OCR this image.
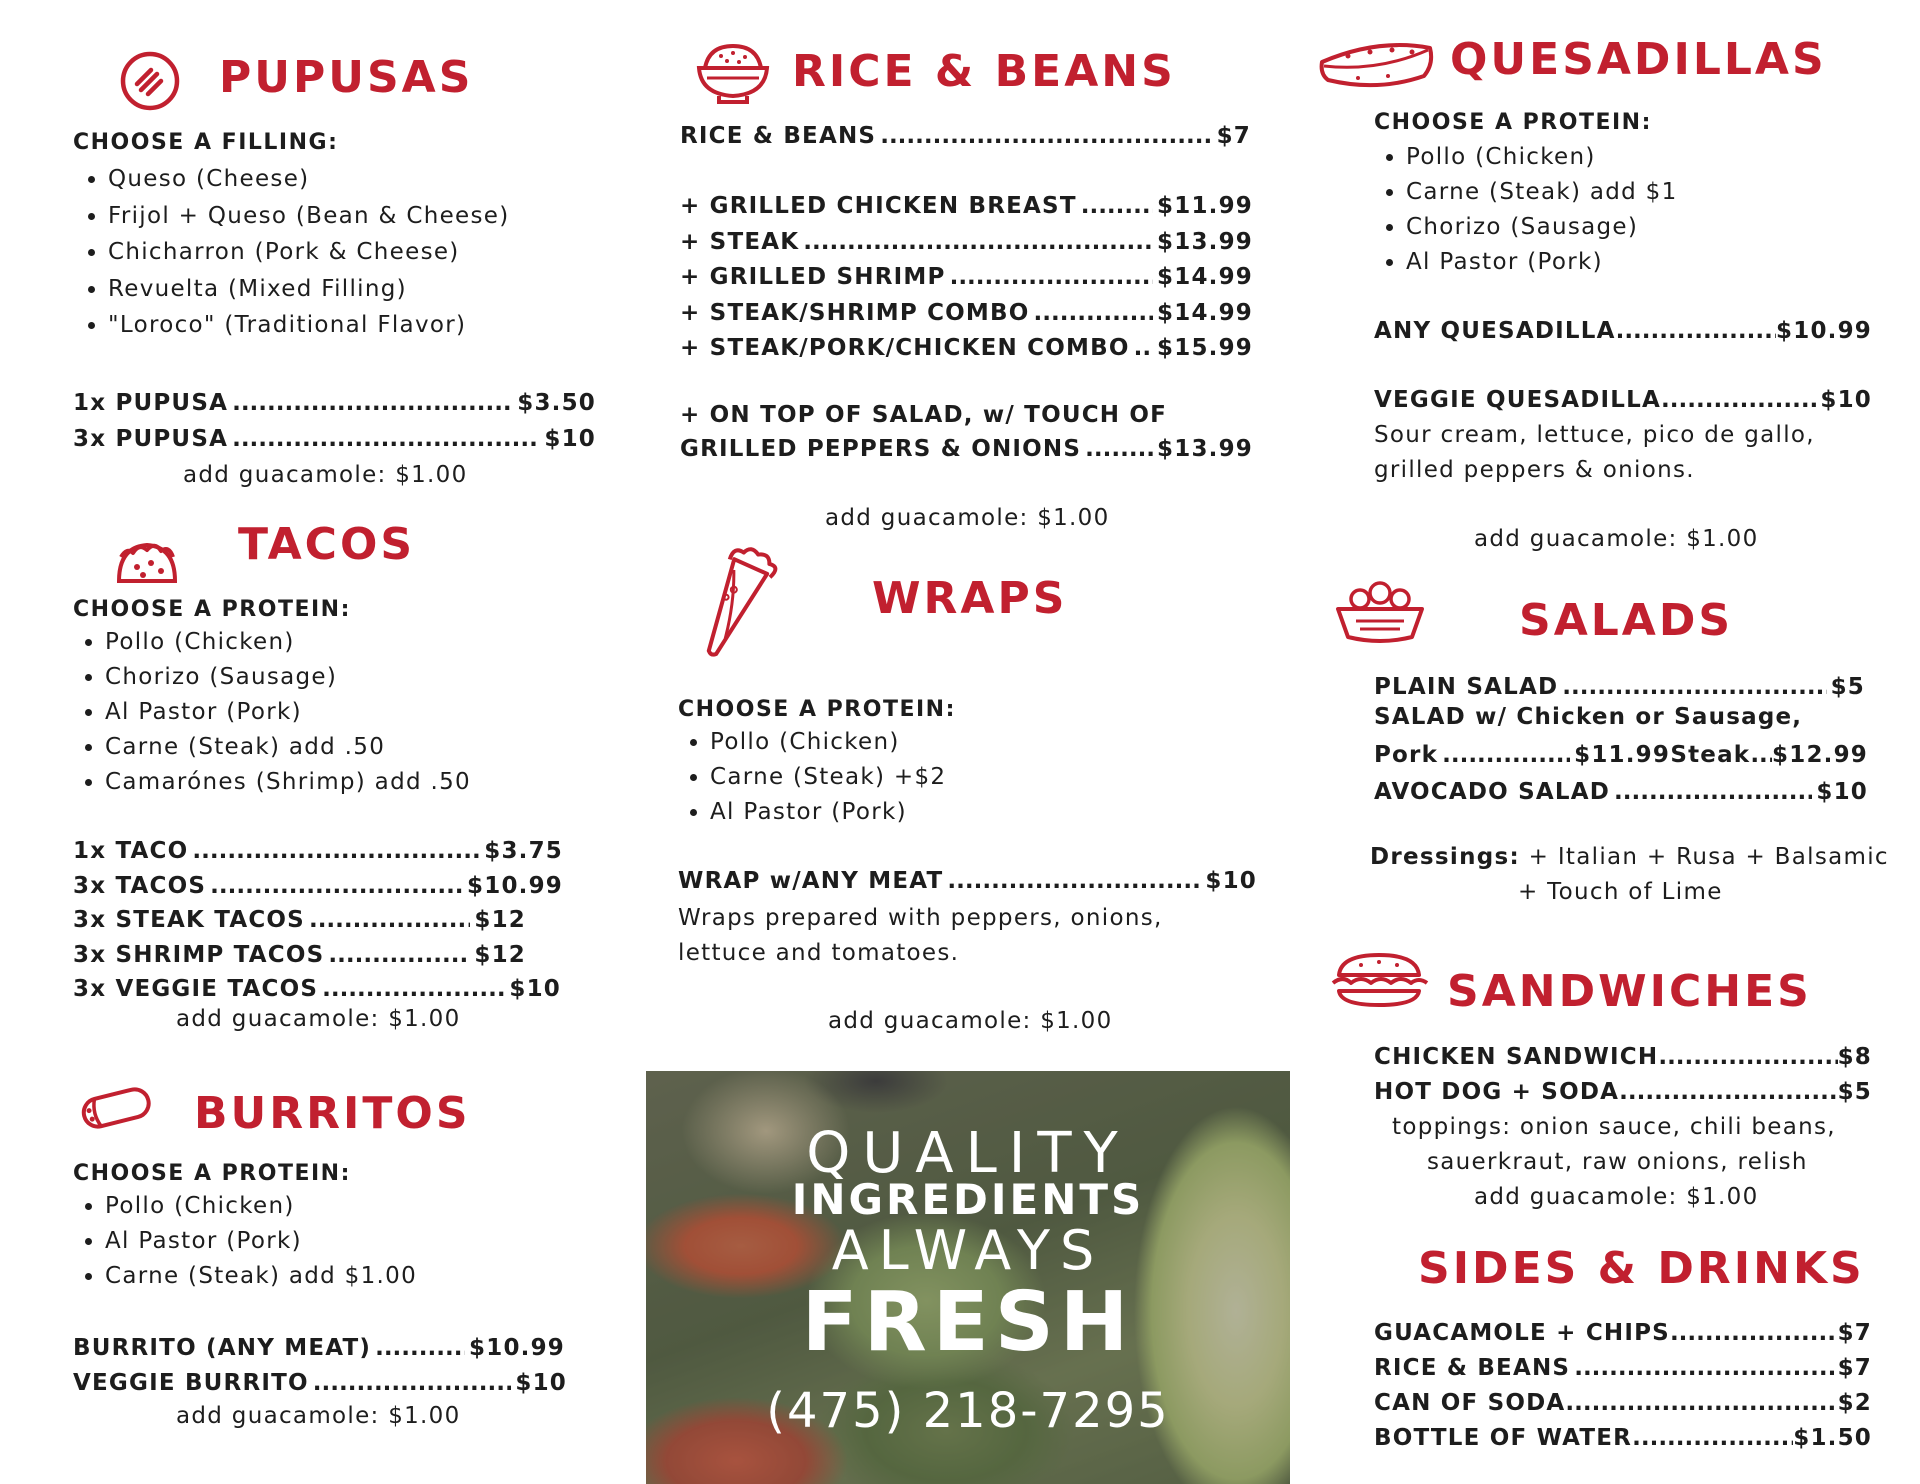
PUPUSAS
CHOOSE A FILLING:
• Queso (Cheese)
• Frijol + Queso (Bean & Cheese)
• Chicharron (Pork & Cheese)
• Revuelta (Mixed Filling)
• "Loroco" (Traditional Flavor)
1x PUPUSA .....	$3.50
3x PUPUSA .....	$10
add guacamole: $1.00
TACOS
CHOOSE A PROTEIN:
• Pollo (Chicken)
• Chorizo (Sausage)
• Al Pastor (Pork)
• Carne (Steak) add .50
• Camarónes (Shrimp) add .50
1x TACO .....	$3.75
3x TACOS .....	$10.99
3x STEAK TACOS .....	$12
3x SHRIMP TACOS .....	$12
3x VEGGIE TACOS .....	$10
add guacamole: $1.00
BURRITOS
CHOOSE A PROTEIN:
• Pollo (Chicken)
• Al Pastor (Pork)
• Carne (Steak) add $1.00
BURRITO (ANY MEAT) .....	$10.99
VEGGIE BURRITO .....	$10
add guacamole: $1.00
RICE & BEANS
RICE & BEANS .....	$7
+ GRILLED CHICKEN BREAST .....	$11.99
+ STEAK .....	$13.99
+ GRILLED SHRIMP .....	$14.99
+ STEAK/SHRIMP COMBO .....	$14.99
+ STEAK/PORK/CHICKEN COMBO ..... $15.99
+ ON TOP OF SALAD, w/ TOUCH OF
GRILLED PEPPERS & ONIONS .....	$13.99
add guacamole: $1.00
WRAPS
CHOOSE A PROTEIN:
• Pollo (Chicken)
• Carne (Steak) +$2
• Al Pastor (Pork)
WRAP w/ANY MEAT .....	$10
Wraps prepared with peppers, onions, lettuce and tomatoes.
add guacamole: $1.00
QUALITY
INGREDIENTS
ALWAYS
FRESH
(475) 218-7295
QUESADILLAS
CHOOSE A PROTEIN:
• Pollo (Chicken)
• Carne (Steak) add $1
• Chorizo (Sausage)
• Al Pastor (Pork)
ANY QUESADILLA .....	$10.99
VEGGIE QUESADILLA .....	$10
Sour cream, lettuce, pico de gallo, grilled peppers & onions.
add guacamole: $1.00
SALADS
PLAIN SALAD .....	$5
SALAD w/ Chicken or Sausage,
Pork .....	$11.99 Steak ..... $12.99
AVOCADO SALAD .....	$10
Dressings: + Italian + Rusa + Balsamic
+ Touch of Lime
SANDWICHES
CHICKEN SANDWICH .....	$8
HOT DOG + SODA .....	$5
toppings: onion sauce, chili beans,
sauerkraut, raw onions, relish
add guacamole: $1.00
SIDES & DRINKS
GUACAMOLE + CHIPS .....	$7
RICE & BEANS .....	$7
CAN OF SODA .....	$2
BOTTLE OF WATER .....	$1.50
